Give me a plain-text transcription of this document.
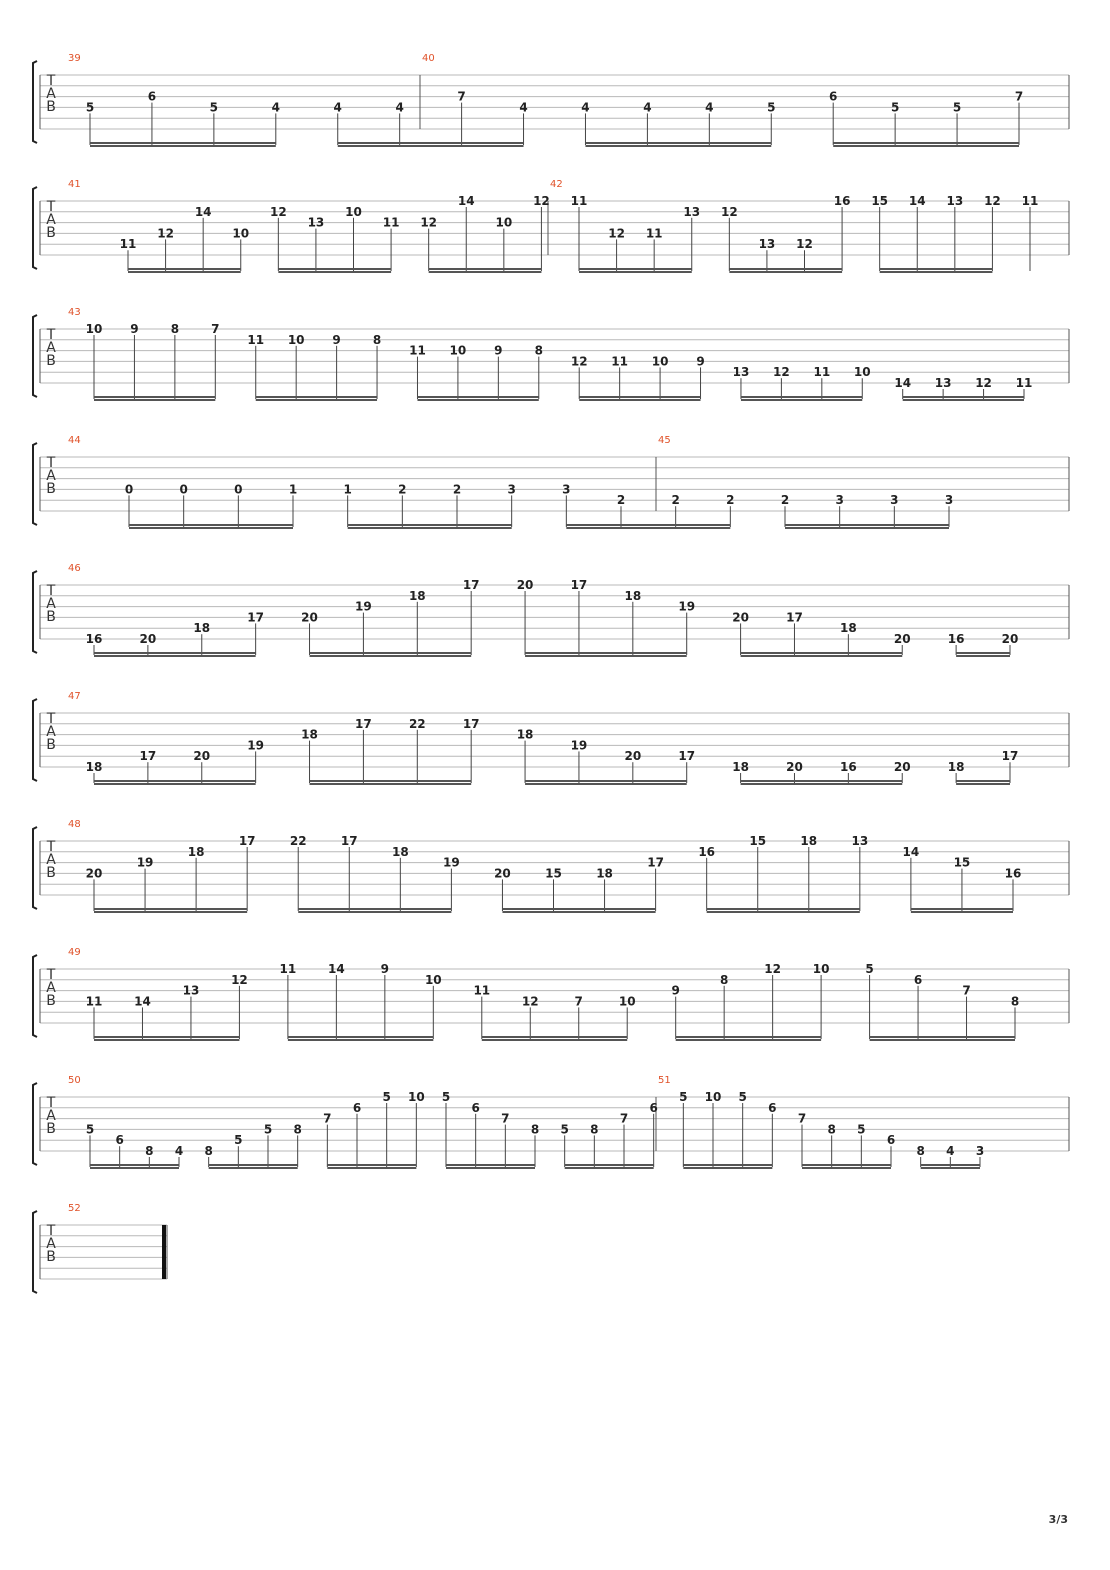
T
A
B
39	40
5
6
5	4	4	4
7
4	4	4	4	5
6
5	5
7
T
A
B
41	42
11
12
14
10
12
13
10
11 12
14
10
12 11
12 11
13 12
13 12
16 15 14 13 12 11
T
A
B
43
10 9	8	7
11 10 9	8
11 10 9	8
12 11 10 9
13 12 11 10
14 13 12 11
T
A
B
44	45
0	0	0	1	1	2	2	3	3
2	2	2	2	3	3	3
T
A
B
46
16	20
18
17	20
19
18
17	20	17
18
19
20	17
18
20	16	20
T
A
B
47
18
17	20
19
18
17	22	17
18
19
20	17
18	20	16	20	18
17
T
A
B
48
20
19
18
17	22	17
18
19
20	15	18
17
16
15	18	13
14
15
16
T
A
B
49
11	14
13
12
11	14	9
10
11
12	7	10
9
8
12	10	5
6
7
8
T
A
B
50	51
5
6
8 4 8
5
5 8
7
6
5 10 5
6
7
8 5 8
7
6
5 10 5
6
7
8 5
6
8 4 3
T
A
B
52
3/3
